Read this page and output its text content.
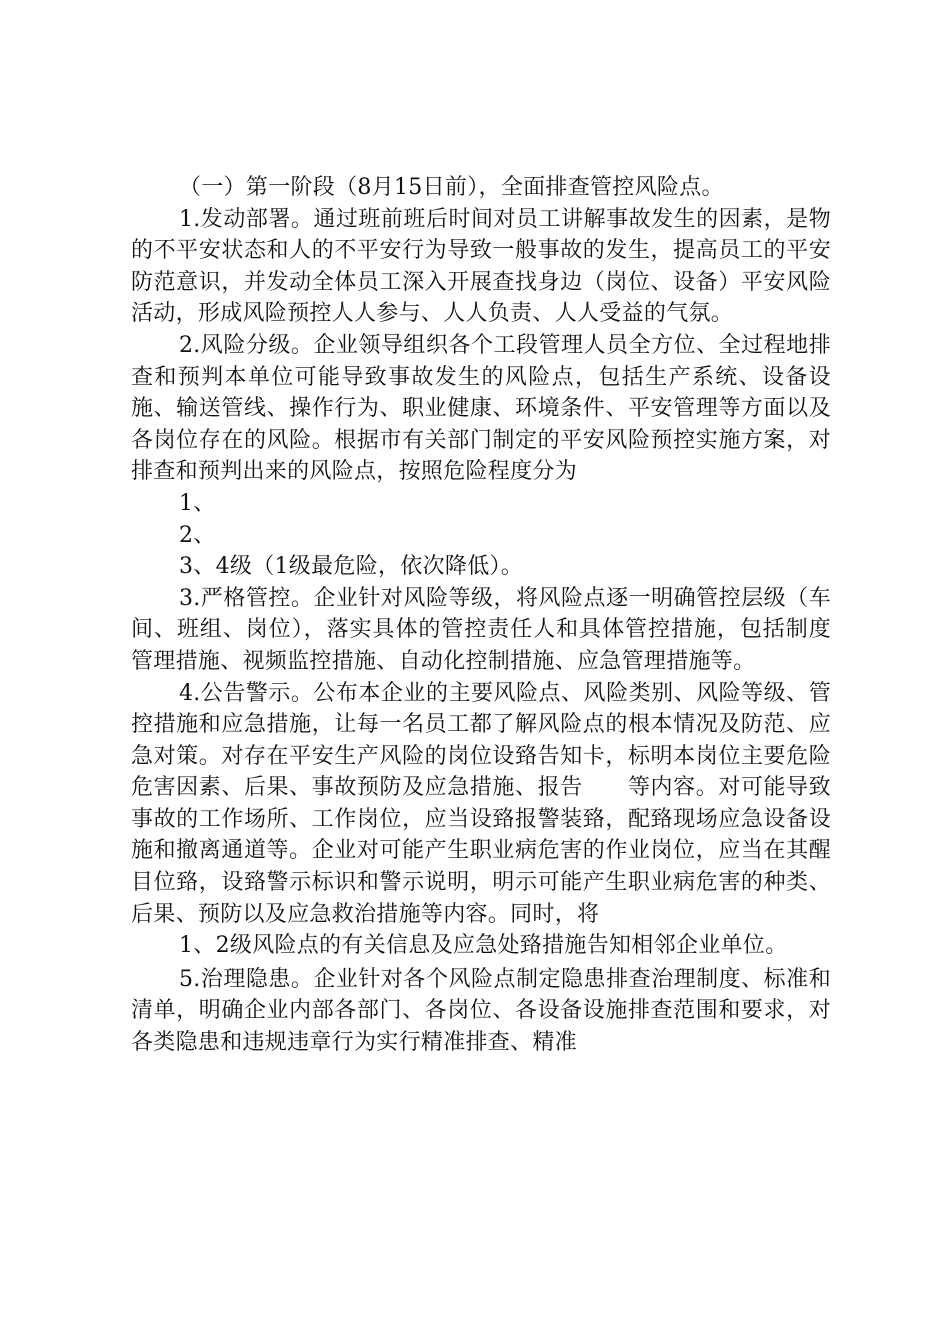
（一）第一阶段（8月15日前），全面排查管控风险点。

1.发动部署。通过班前班后时间对员工讲解事故发生的因素，是物的不平安状态和人的不平安行为导致一般事故的发生，提高员工的平安防范意识，并发动全体员工深入开展查找身边（岗位、设备）平安风险活动，形成风险预控人人参与、人人负责、人人受益的气氛。

2.风险分级。企业领导组织各个工段管理人员全方位、全过程地排查和预判本单位可能导致事故发生的风险点，包括生产系统、设备设施、输送管线、操作行为、职业健康、环境条件、平安管理等方面以及各岗位存在的风险。根据市有关部门制定的平安风险预控实施方案，对排查和预判出来的风险点，按照危险程度分为

1、

2、

3、4级（1级最危险，依次降低）。

3.严格管控。企业针对风险等级，将风险点逐一明确管控层级（车间、班组、岗位），落实具体的管控责任人和具体管控措施，包括制度管理措施、视频监控措施、自动化控制措施、应急管理措施等。

4.公告警示。公布本企业的主要风险点、风险类别、风险等级、管控措施和应急措施，让每一名员工都了解风险点的根本情况及防范、应急对策。对存在平安生产风险的岗位设臵告知卡，标明本岗位主要危险危害因素、后果、事故预防及应急措施、报告　　等内容。对可能导致事故的工作场所、工作岗位，应当设臵报警装臵，配臵现场应急设备设施和撤离通道等。企业对可能产生职业病危害的作业岗位，应当在其醒目位臵，设臵警示标识和警示说明，明示可能产生职业病危害的种类、后果、预防以及应急救治措施等内容。同时，将

1、2级风险点的有关信息及应急处臵措施告知相邻企业单位。

5.治理隐患。企业针对各个风险点制定隐患排查治理制度、标准和清单，明确企业内部各部门、各岗位、各设备设施排查范围和要求，对各类隐患和违规违章行为实行精准排查、精准
